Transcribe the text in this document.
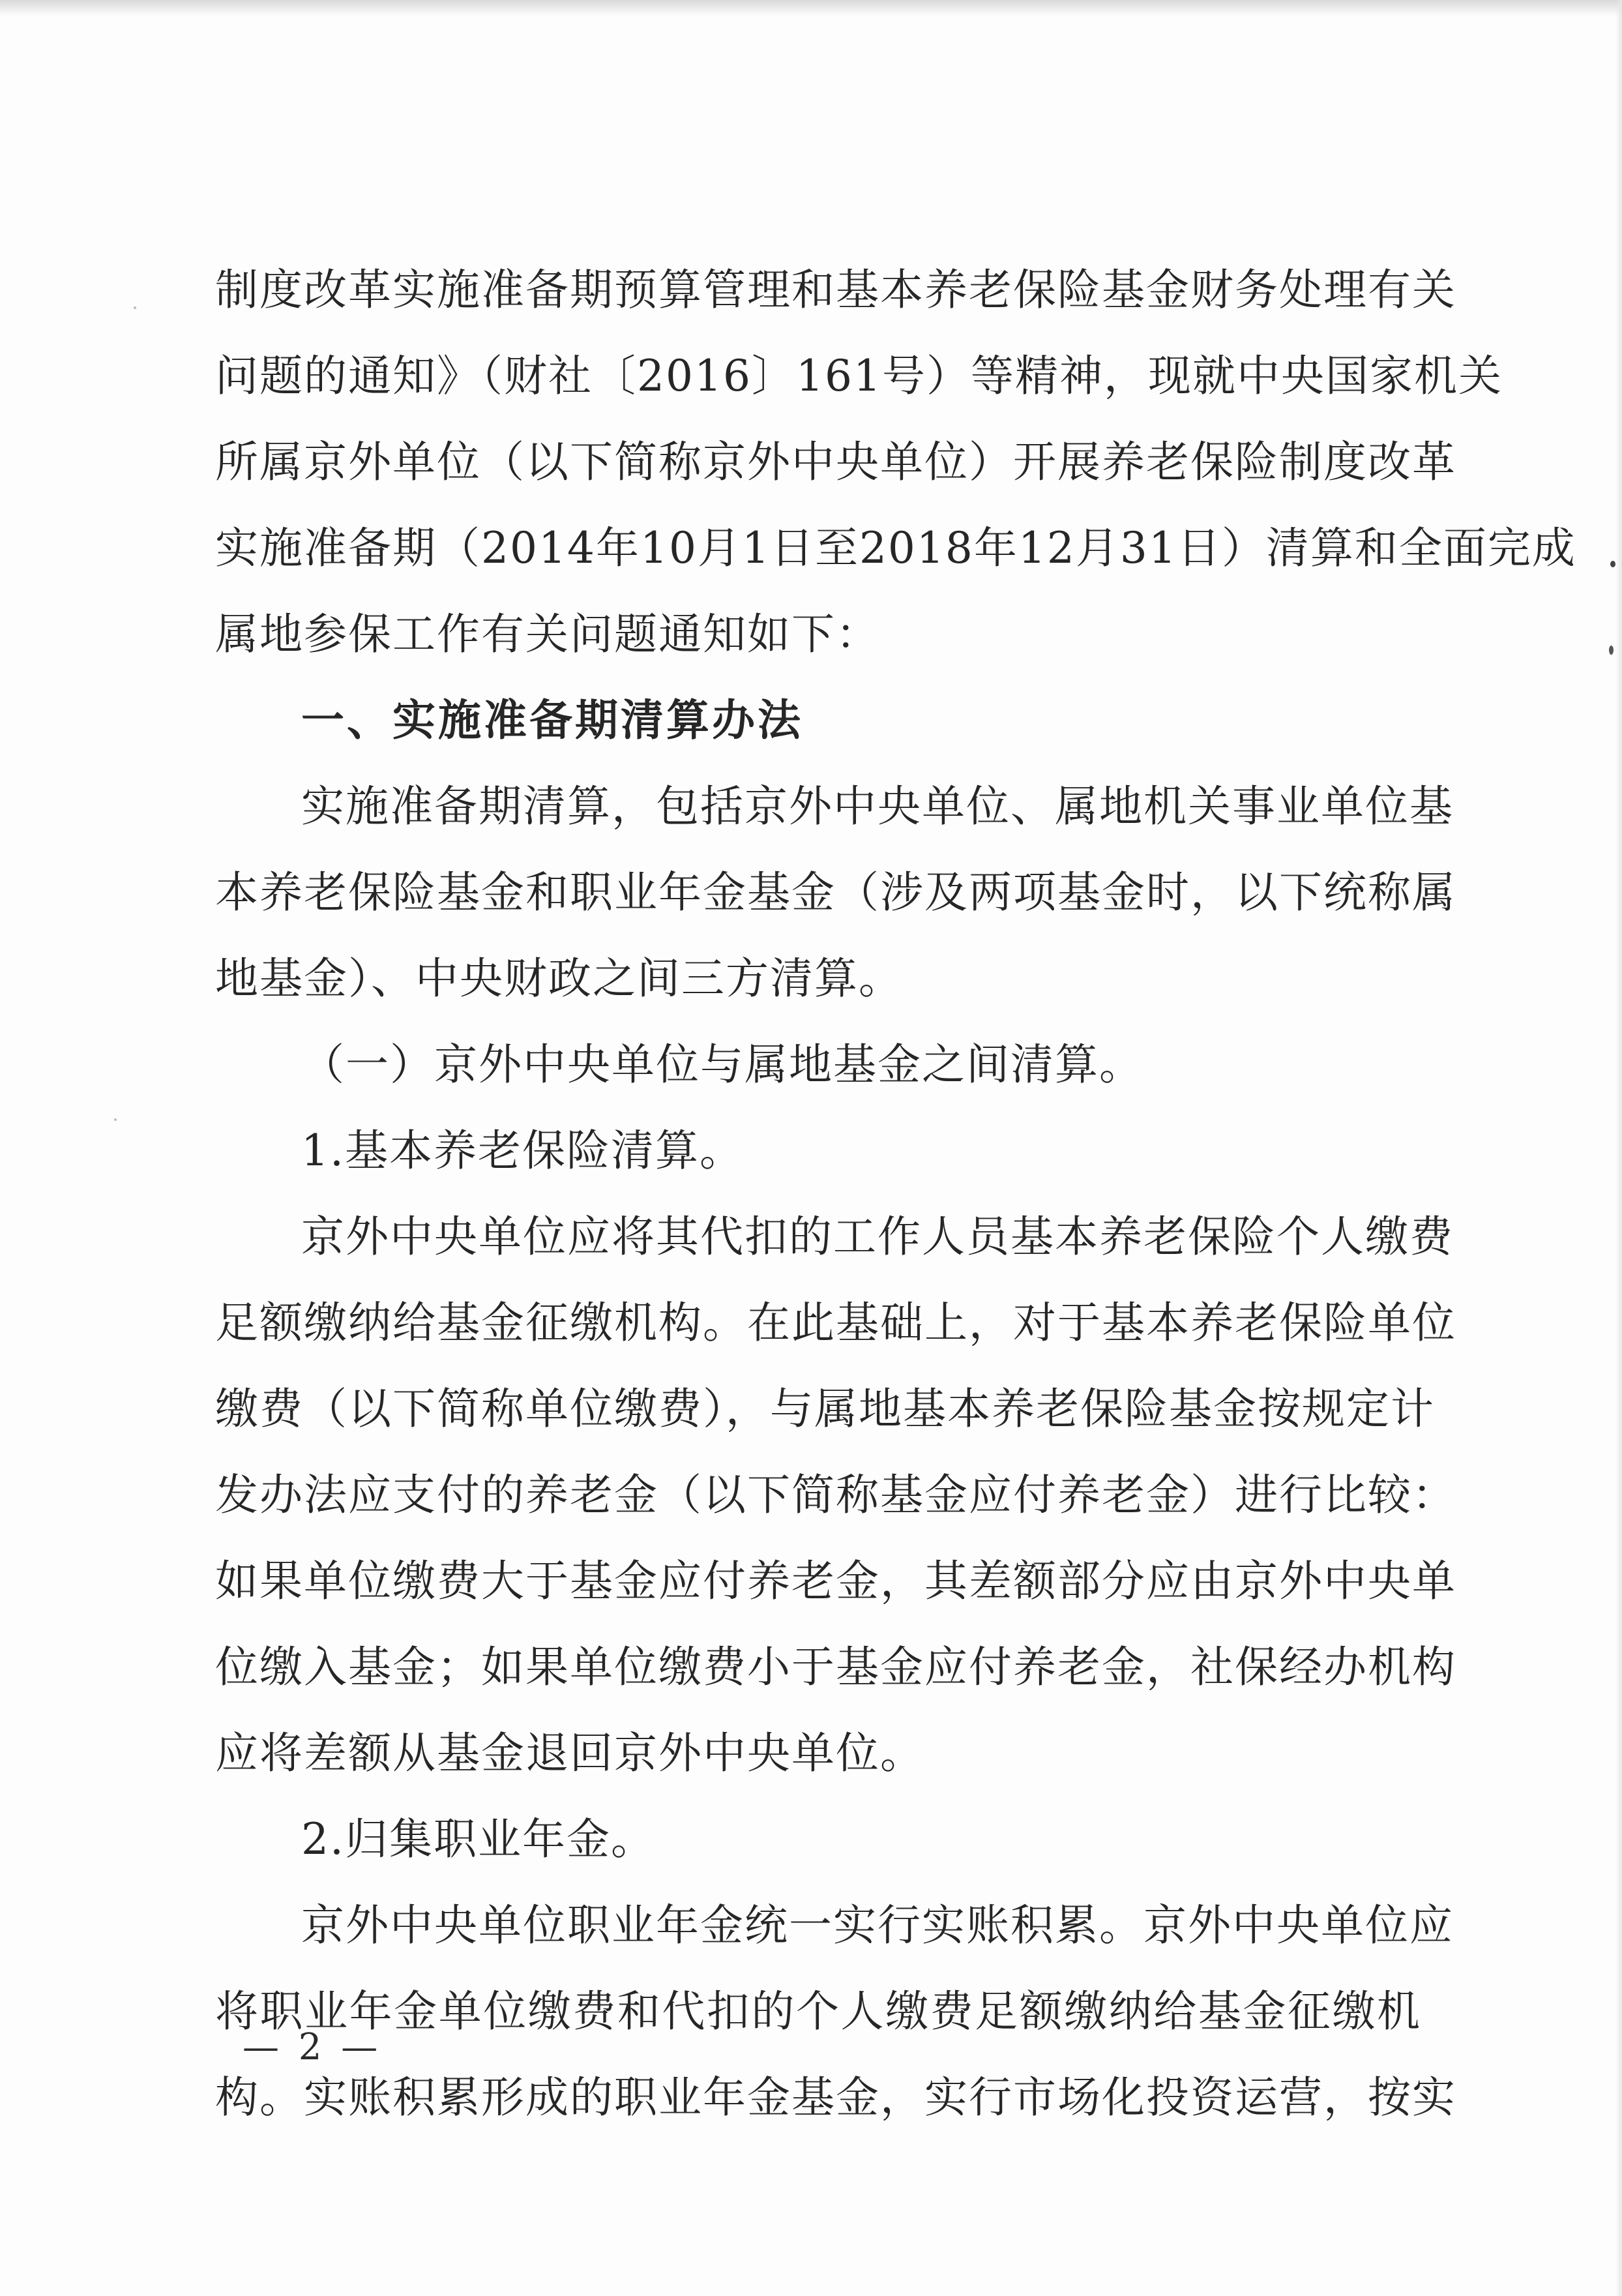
制度改革实施准备期预算管理和基本养老保险基金财务处理有关
问题的通知》（财社〔2016〕161号）等精神，现就中央国家机关
所属京外单位（以下简称京外中央单位）开展养老保险制度改革
实施准备期（2014年10月1日至2018年12月31日）清算和全面完成
属地参保工作有关问题通知如下：
一、实施准备期清算办法
实施准备期清算，包括京外中央单位、属地机关事业单位基
本养老保险基金和职业年金基金（涉及两项基金时，以下统称属
地基金）、中央财政之间三方清算。
（一）京外中央单位与属地基金之间清算。
1.基本养老保险清算。
京外中央单位应将其代扣的工作人员基本养老保险个人缴费
足额缴纳给基金征缴机构。在此基础上，对于基本养老保险单位
缴费（以下简称单位缴费），与属地基本养老保险基金按规定计
发办法应支付的养老金（以下简称基金应付养老金）进行比较：
如果单位缴费大于基金应付养老金，其差额部分应由京外中央单
位缴入基金；如果单位缴费小于基金应付养老金，社保经办机构
应将差额从基金退回京外中央单位。
2.归集职业年金。
京外中央单位职业年金统一实行实账积累。京外中央单位应
将职业年金单位缴费和代扣的个人缴费足额缴纳给基金征缴机
构。实账积累形成的职业年金基金，实行市场化投资运营，按实
— 2 —
